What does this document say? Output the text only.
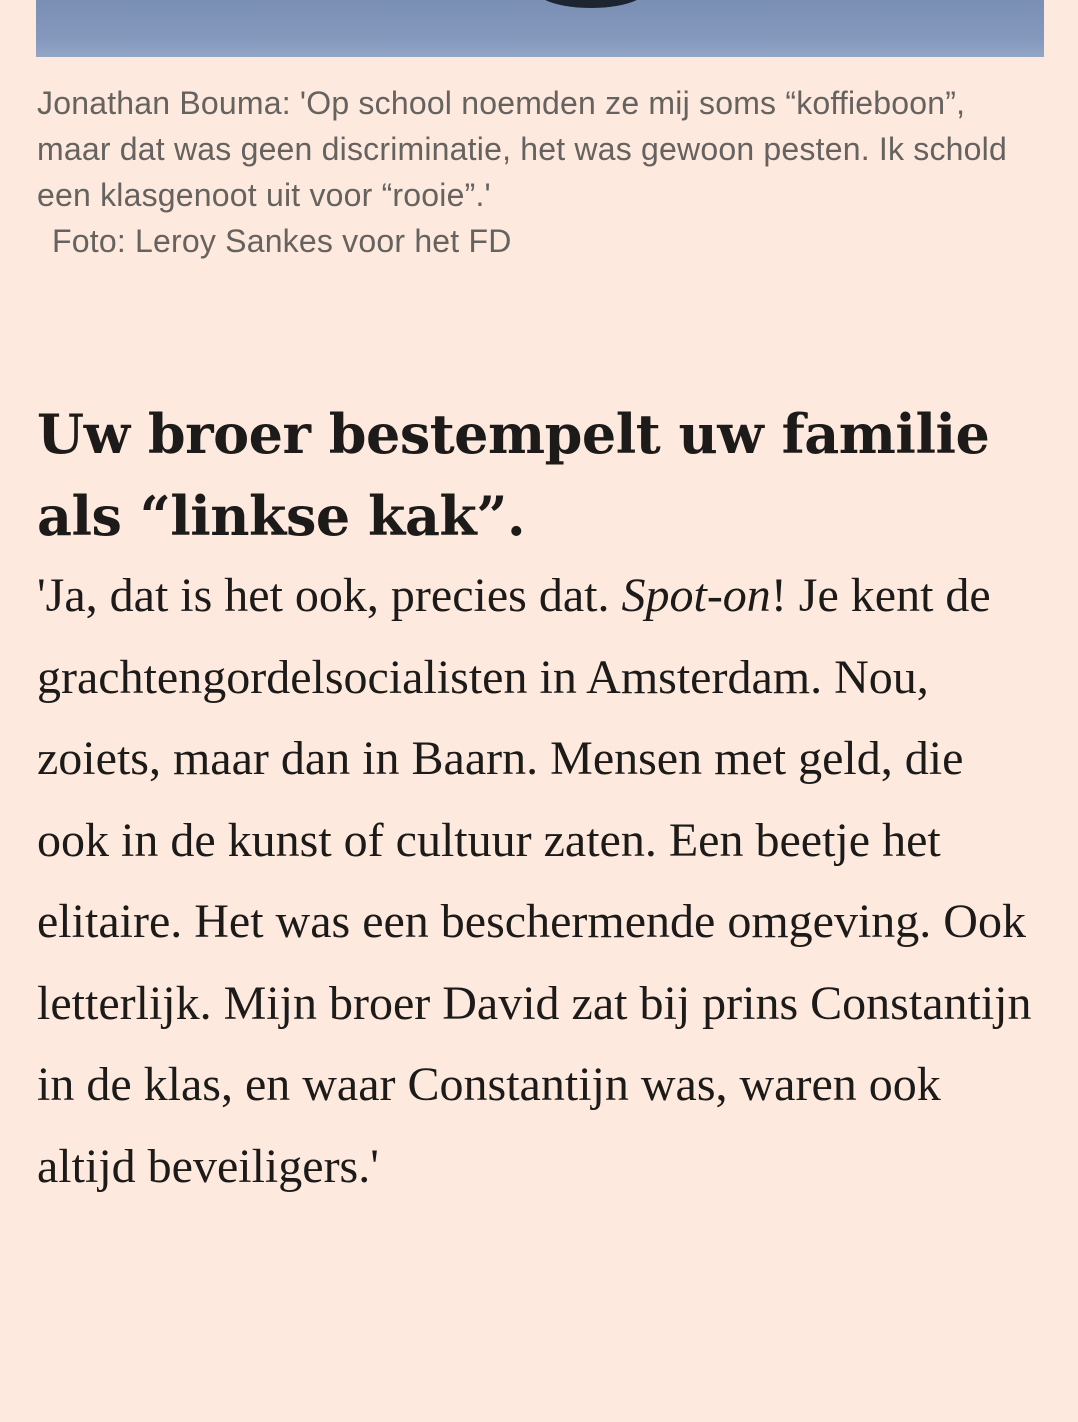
Jonathan Bouma: 'Op school noemden ze mij soms “koffieboon”, maar dat was geen discriminatie, het was gewoon pesten. Ik schold een klasgenoot uit voor “rooie”.'
Foto: Leroy Sankes voor het FD

Uw broer bestempelt uw familie als “linkse kak”.

'Ja, dat is het ook, precies dat. Spot-on! Je kent de grachtengordelsocialisten in Amsterdam. Nou, zoiets, maar dan in Baarn. Mensen met geld, die ook in de kunst of cultuur zaten. Een beetje het elitaire. Het was een beschermende omgeving. Ook letterlijk. Mijn broer David zat bij prins Constantijn in de klas, en waar Constantijn was, waren ook altijd beveiligers.'
